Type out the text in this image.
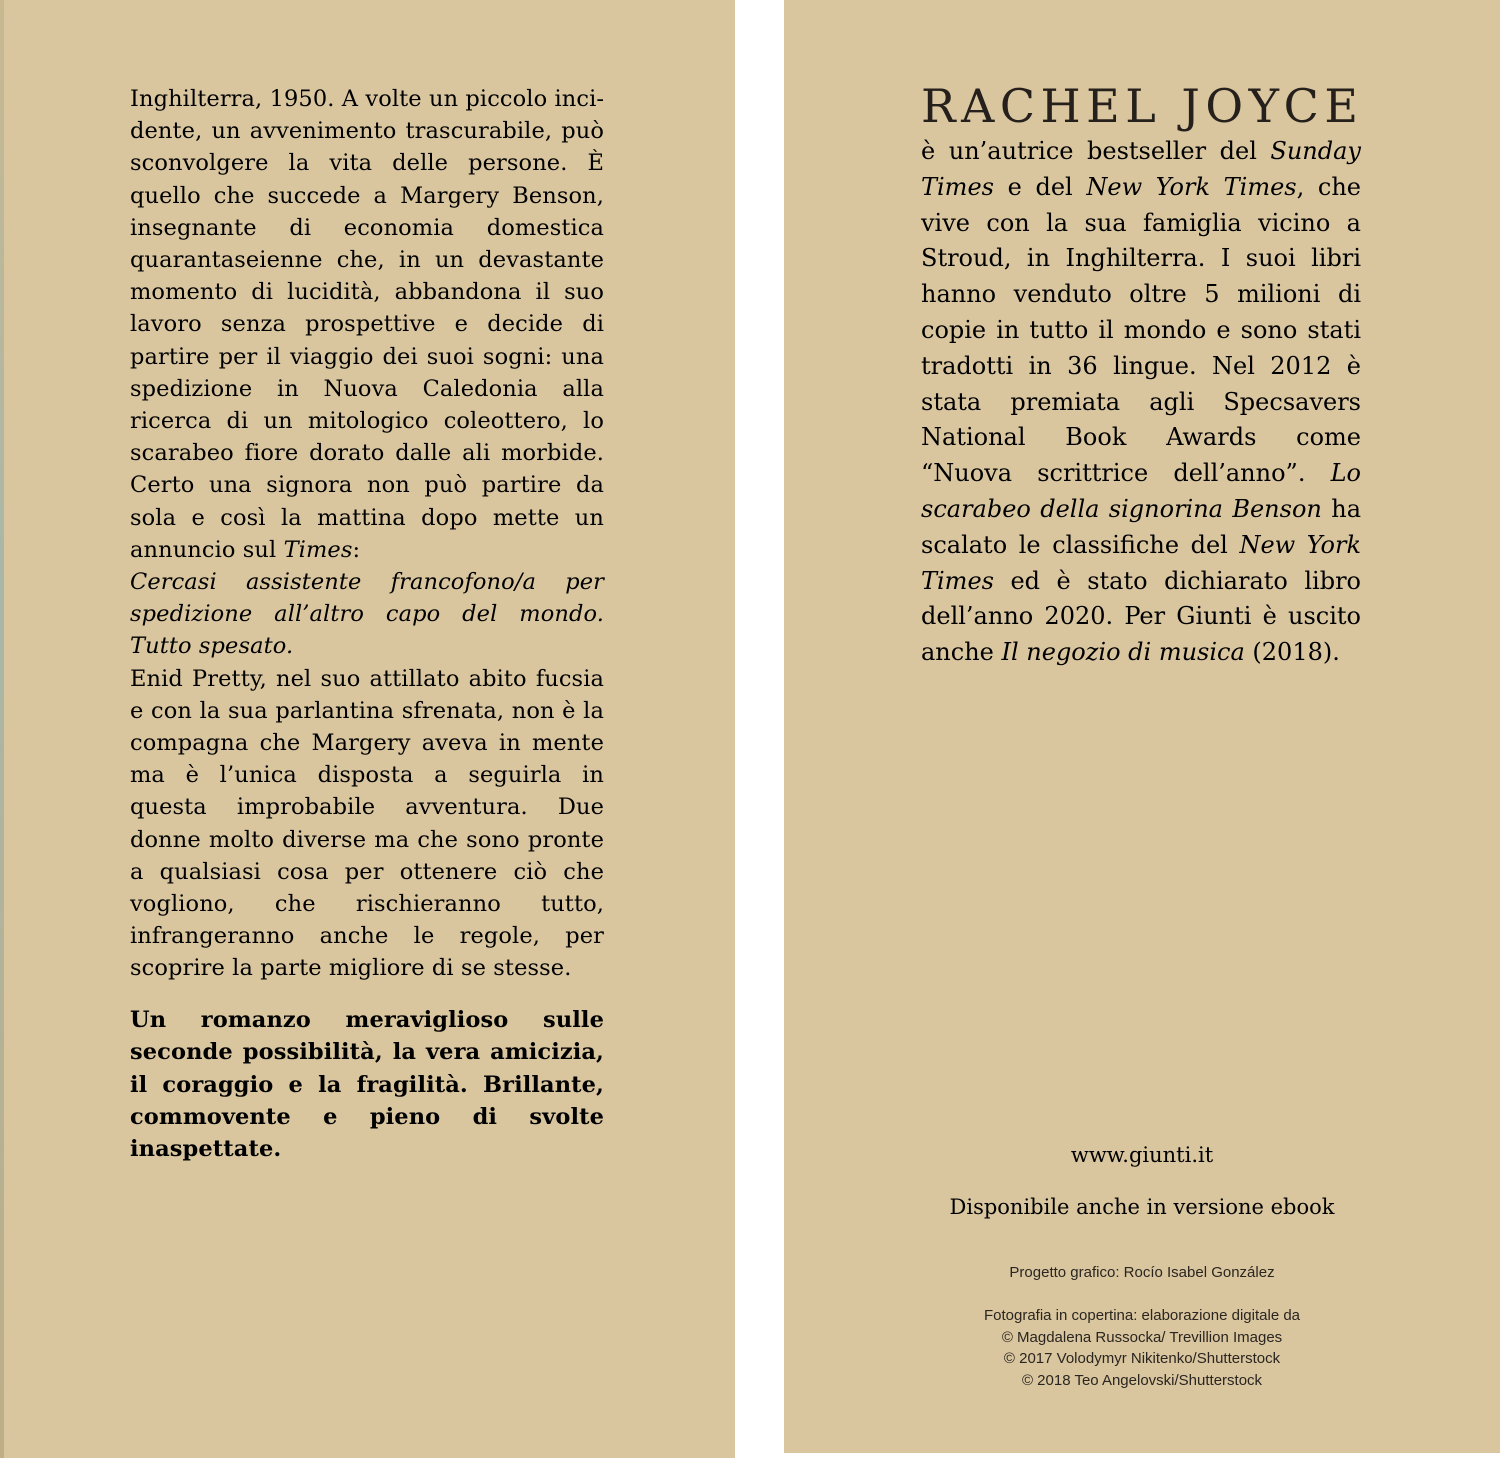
Inghilterra, 1950. A volte un piccolo incidente, un avvenimento trascurabile, può sconvolgere la vita delle persone. È quello che succede a Margery Benson, insegnante di economia domestica quarantaseienne che, in un devastante momento di lucidità, abbandona il suo lavoro senza prospettive e decide di partire per il viaggio dei suoi sogni: una spedizione in Nuova Caledonia alla ricerca di un mitologico coleottero, lo scarabeo fiore dorato dalle ali morbide. Certo una signora non può partire da sola e così la mattina dopo mette un annuncio sul Times:
Cercasi assistente francofono/a per spedizione all’altro capo del mondo. Tutto spesato.

Enid Pretty, nel suo attillato abito fucsia e con la sua parlantina sfrenata, non è la compagna che Margery aveva in mente ma è l’unica disposta a seguirla in questa improbabile avventura. Due donne molto diverse ma che sono pronte a qualsiasi cosa per ottenere ciò che vogliono, che rischieranno tutto, infrangeranno anche le regole, per scoprire la parte migliore di se stesse.

Un romanzo meraviglioso sulle seconde possibilità, la vera amicizia, il coraggio e la fragilità. Brillante, commovente e pieno di svolte inaspettate.

RACHEL JOYCE
è un’autrice bestseller del Sunday Times e del New York Times, che vive con la sua famiglia vicino a Stroud, in Inghilterra. I suoi libri hanno venduto oltre 5 milioni di copie in tutto il mondo e sono stati tradotti in 36 lingue. Nel 2012 è stata premiata agli Specsavers National Book Awards come “Nuova scrittrice dell’anno”. Lo scarabeo della signorina Benson ha scalato le classifiche del New York Times ed è stato dichiarato libro dell’anno 2020. Per Giunti è uscito anche Il negozio di musica (2018).
www.giunti.it
Disponibile anche in versione ebook
Progetto grafico: Rocío Isabel González
Fotografia in copertina: elaborazione digitale da
© Magdalena Russocka/ Trevillion Images
© 2017 Volodymyr Nikitenko/Shutterstock
© 2018 Teo Angelovski/Shutterstock
